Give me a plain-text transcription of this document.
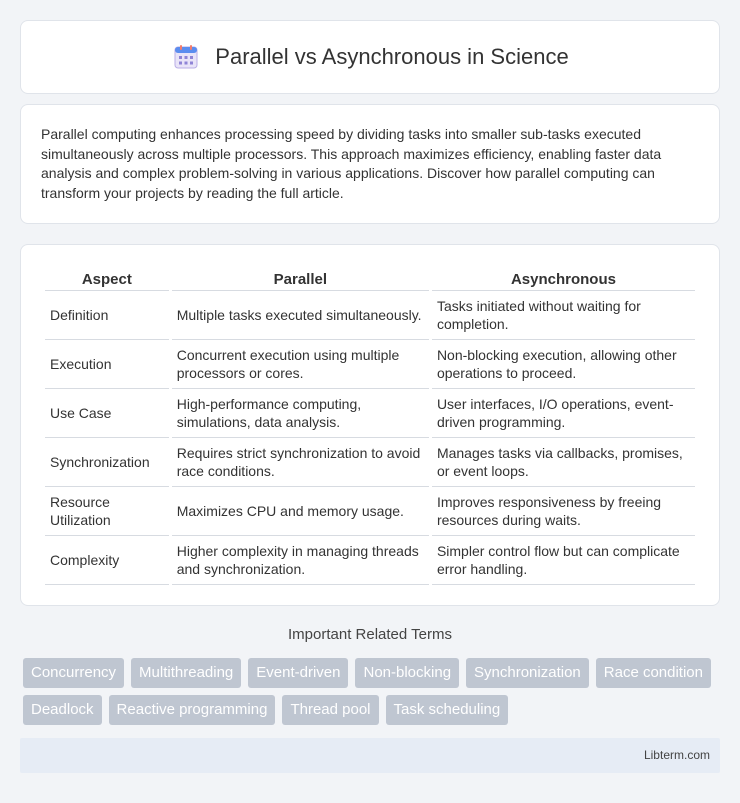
Parallel vs Asynchronous in Science

Parallel computing enhances processing speed by dividing tasks into smaller sub-tasks executed simultaneously across multiple processors. This approach maximizes efficiency, enabling faster data analysis and complex problem-solving in various applications. Discover how parallel computing can transform your projects by reading the full article.

Aspect	Parallel	Asynchronous
Definition	Multiple tasks executed simultaneously.	Tasks initiated without waiting for completion.
Execution	Concurrent execution using multiple processors or cores.	Non-blocking execution, allowing other operations to proceed.
Use Case	High-performance computing, simulations, data analysis.	User interfaces, I/O operations, event-driven programming.
Synchronization	Requires strict synchronization to avoid race conditions.	Manages tasks via callbacks, promises, or event loops.
Resource Utilization	Maximizes CPU and memory usage.	Improves responsiveness by freeing resources during waits.
Complexity	Higher complexity in managing threads and synchronization.	Simpler control flow but can complicate error handling.
Important Related Terms
Concurrency	Multithreading	Event-driven	Non-blocking	Synchronization	Race condition
Deadlock	Reactive programming	Thread pool	Task scheduling
Libterm.com
